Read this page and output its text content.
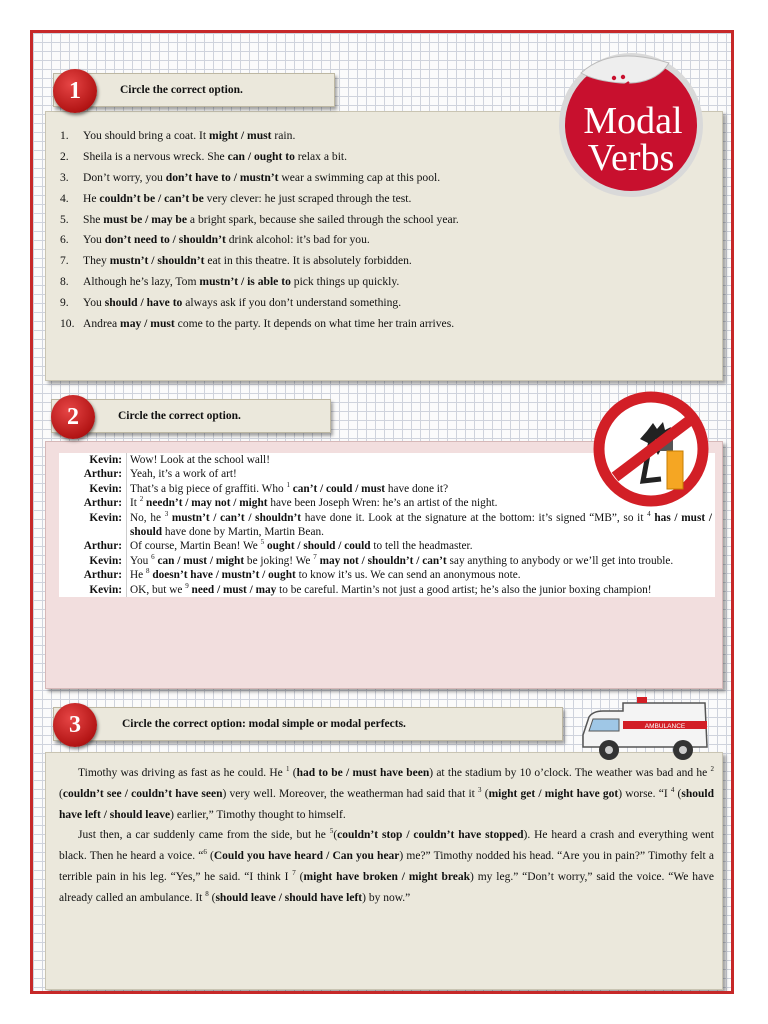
Circle the correct option.
1
1. You should bring a coat. It might / must rain.
2. Sheila is a nervous wreck. She can / ought to relax a bit.
3. Don’t worry, you don’t have to / mustn’t wear a swimming cap at this pool.
4. He couldn’t be / can’t be very clever: he just scraped through the test.
5. She must be / may be a bright spark, because she sailed through the school year.
6. You don’t need to / shouldn’t drink alcohol: it’s bad for you.
7. They mustn’t / shouldn’t eat in this theatre. It is absolutely forbidden.
8. Although he’s lazy, Tom mustn’t / is able to pick things up quickly.
9. You should / have to always ask if you don’t understand something.
10. Andrea may / must come to the party. It depends on what time her train arrives.
Modal
Verbs
Circle the correct option.
2
Kevin:	Wow! Look at the school wall!
Arthur:	Yeah, it’s a work of art!
Kevin:	That’s a big piece of graffiti. Who $^1$ can’t / could / must have done it?
Arthur:	It $^2$ needn’t / may not / might have been Joseph Wren: he’s an artist of the night.
Kevin:	No, he $^3$ mustn’t / can’t / shouldn’t have done it. Look at the signature at the bottom: it’s signed “MB”, so it $^4$ has / must / should have done by Martin, Martin Bean.
Arthur:	Of course, Martin Bean! We $^5$ ought / should / could to tell the headmaster.
Kevin:	You $^6$ can / must / might be joking! We $^7$ may not / shouldn’t / can’t say anything to anybody or we’ll get into trouble.
Arthur:	He $^8$ doesn’t have / mustn’t / ought to know it’s us. We can send an anonymous note.
Kevin:	OK, but we $^9$ need / must / may to be careful. Martin’s not just a good artist; he’s also the junior boxing champion!
Circle the correct option: modal simple or modal perfects.
3

Timothy was driving as fast as he could. He $^1$ (had to be / must have been) at the stadium by 10 o’clock. The weather was bad and he $^2$ (couldn’t see / couldn’t have seen) very well. Moreover, the weatherman had said that it $^3$ (might get / might have got) worse. “I $^4$ (should have left / should leave) earlier,” Timothy thought to himself.

Just then, a car suddenly came from the side, but he $^5$(couldn’t stop / couldn’t have stopped). He heard a crash and everything went black. Then he heard a voice. “$^6$ (Could you have heard / Can you hear) me?” Timothy nodded his head. “Are you in pain?” Timothy felt a terrible pain in his leg. “Yes,” he said. “I think I $^7$ (might have broken / might break) my leg.” “Don’t worry,” said the voice. “We have already called an ambulance. It $^8$ (should leave / should have left) by now.”

AMBULANCE
